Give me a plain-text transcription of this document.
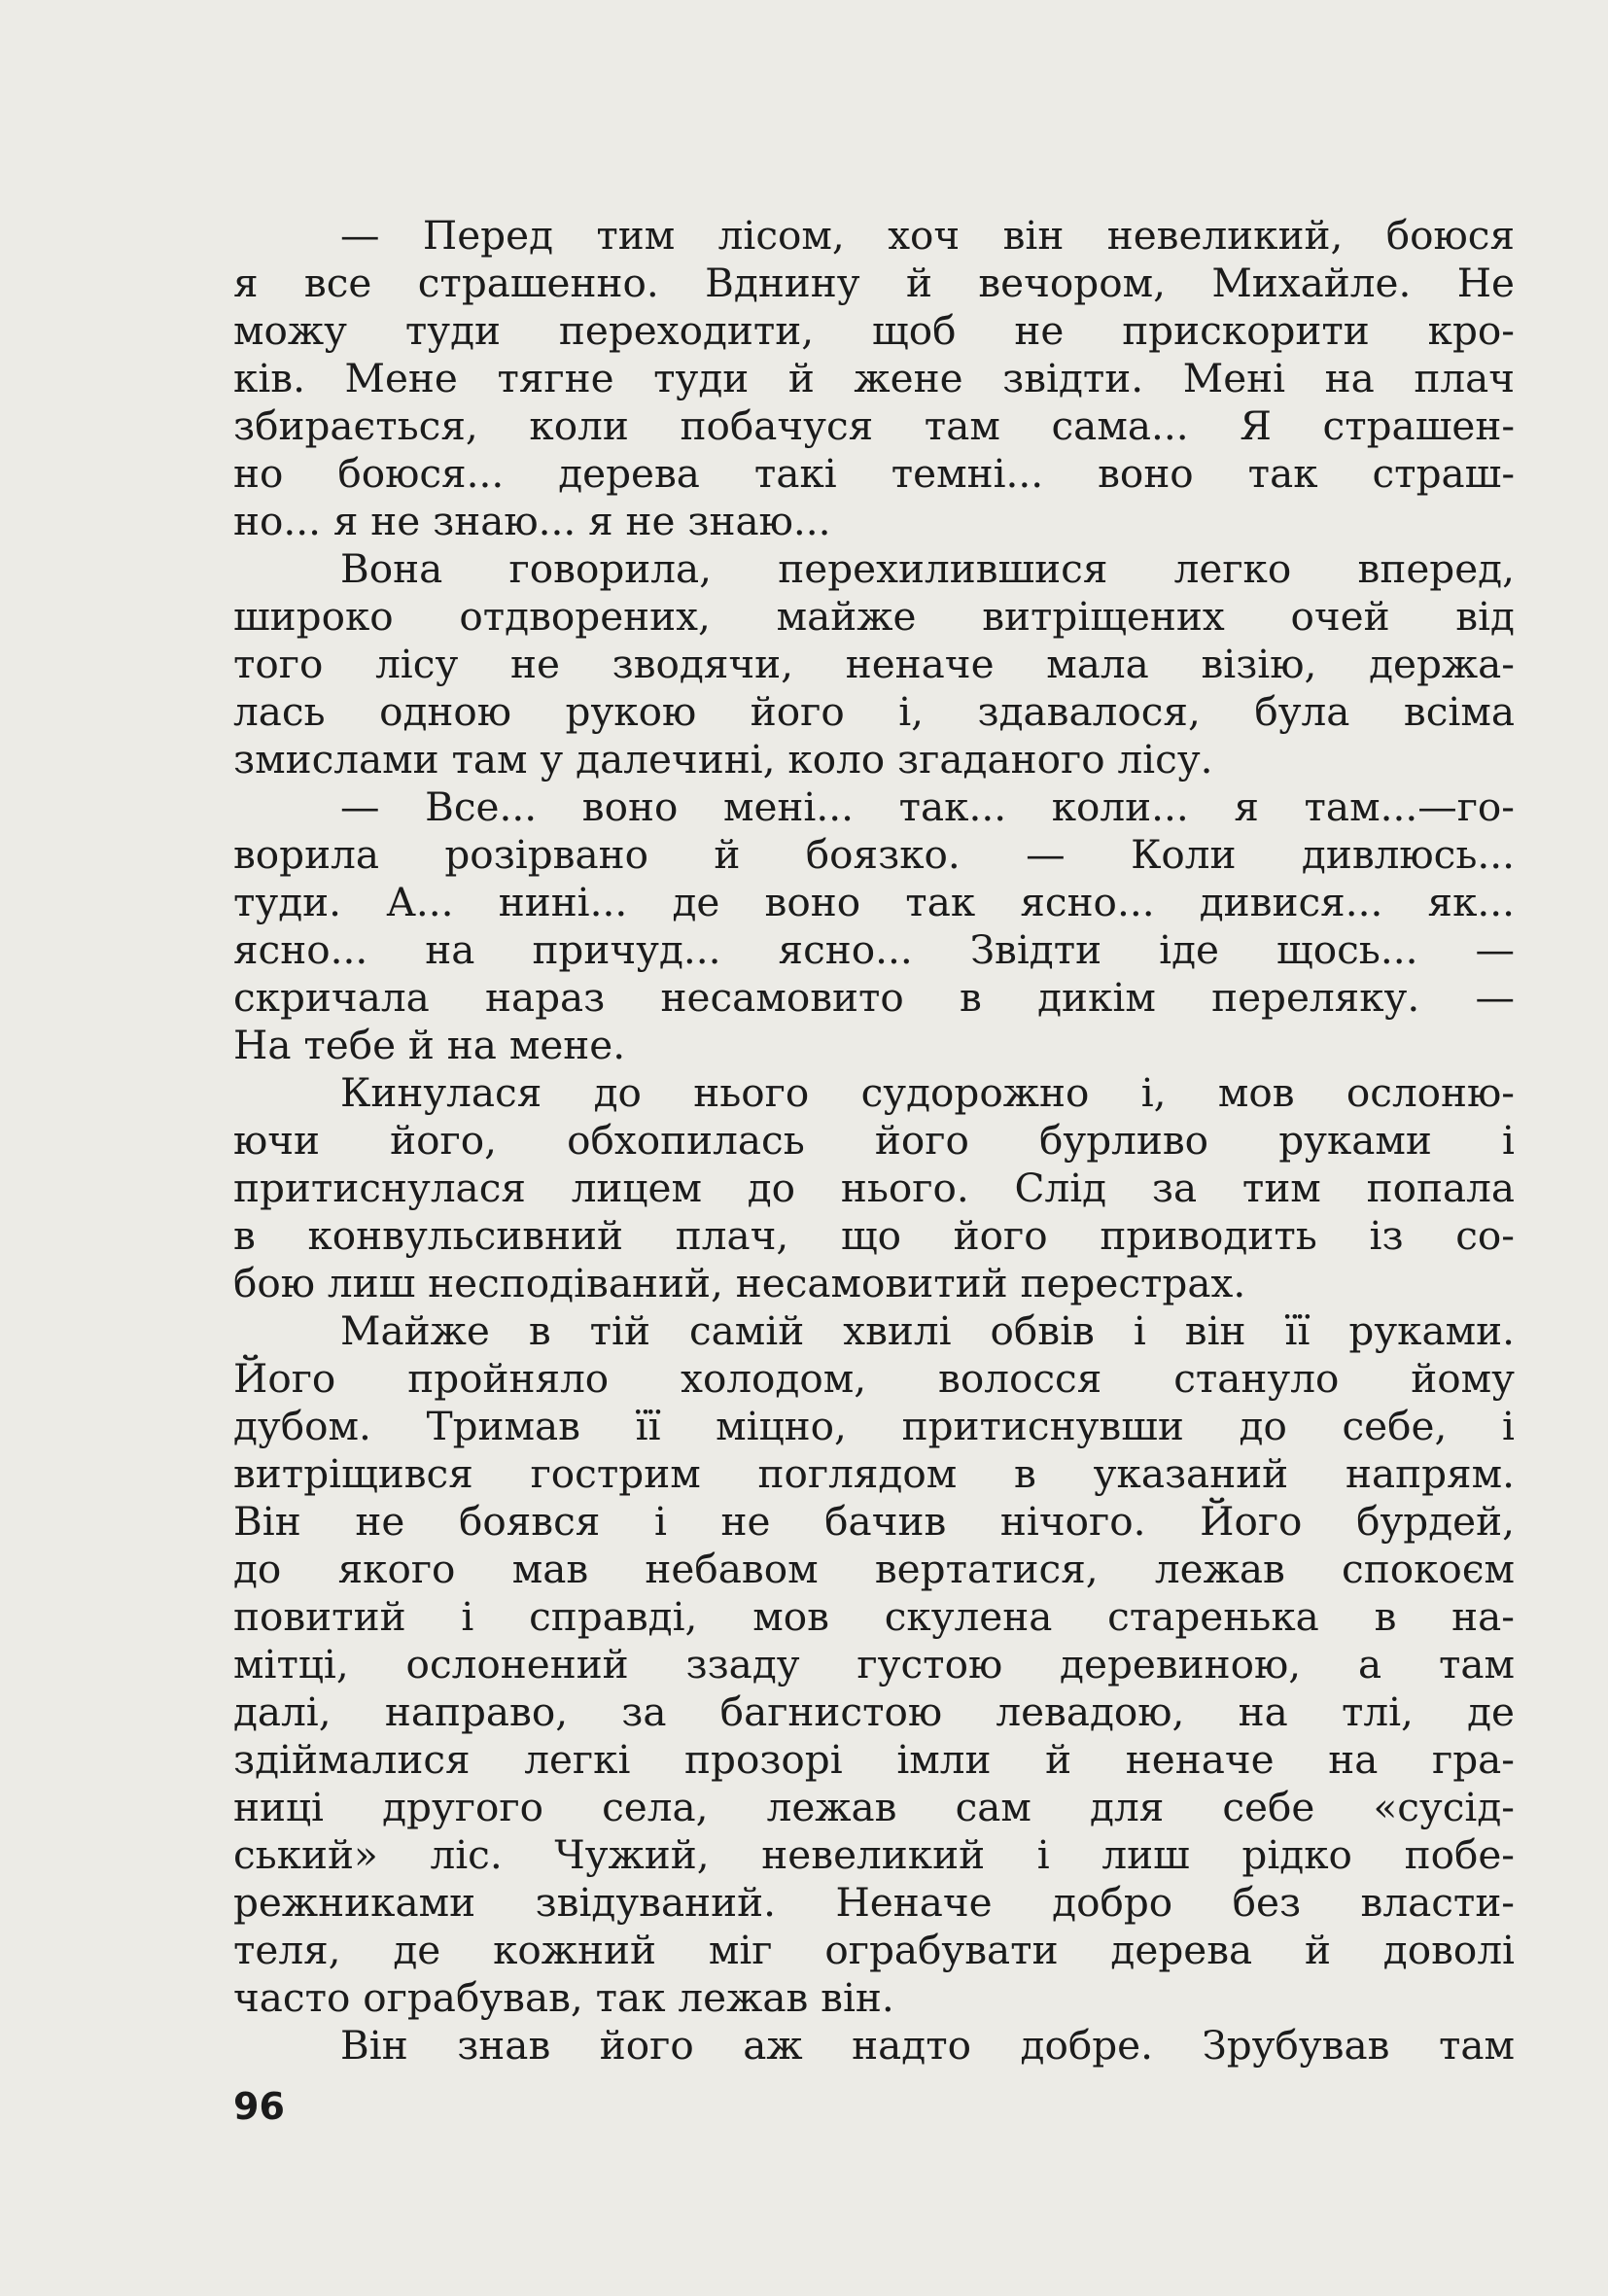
— Перед тим лісом, хоч він невеликий, боюся
я все страшенно. Вднину й вечором, Михайле. Не
можу туди переходити, щоб не прискорити кро-
ків. Мене тягне туди й жене звідти. Мені на плач
збирається, коли побачуся там сама... Я страшен-
но боюся... дерева такі темні... воно так страш-
но... я не знаю... я не знаю...
Вона говорила, перехилившися легко вперед,
широко отдворених, майже витріщених очей від
того лісу не зводячи, неначе мала візію, держа-
лась одною рукою його і, здавалося, була всіма
змислами там у далечині, коло згаданого лісу.
— Все... воно мені... так... коли... я там...—го-
ворила розірвано й боязко. — Коли дивлюсь...
туди. А... нині... де воно так ясно... дивися... як...
ясно... на причуд... ясно... Звідти іде щось... —
скричала нараз несамовито в дикім переляку. —
На тебе й на мене.
Кинулася до нього судорожно і, мов ослоню-
ючи його, обхопилась його бурливо руками і
притиснулася лицем до нього. Слід за тим попала
в конвульсивний плач, що його приводить із со-
бою лиш несподіваний, несамовитий перестрах.
Майже в тій самій хвилі обвів і він її руками.
Його пройняло холодом, волосся стануло йому
дубом. Тримав її міцно, притиснувши до себе, і
витріщився гострим поглядом в указаний напрям.
Він не боявся і не бачив нічого. Його бурдей,
до якого мав небавом вертатися, лежав спокоєм
повитий і справді, мов скулена старенька в на-
мітці, ослонений ззаду густою деревиною, а там
далі, направо, за багнистою левадою, на тлі, де
здіймалися легкі прозорі імли й неначе на гра-
ниці другого села, лежав сам для себе «сусід-
ський» ліс. Чужий, невеликий і лиш рідко побе-
режниками звідуваний. Неначе добро без власти-
теля, де кожний міг ограбувати дерева й доволі
часто ограбував, так лежав він.
Він знав його аж надто добре. Зрубував там
96
